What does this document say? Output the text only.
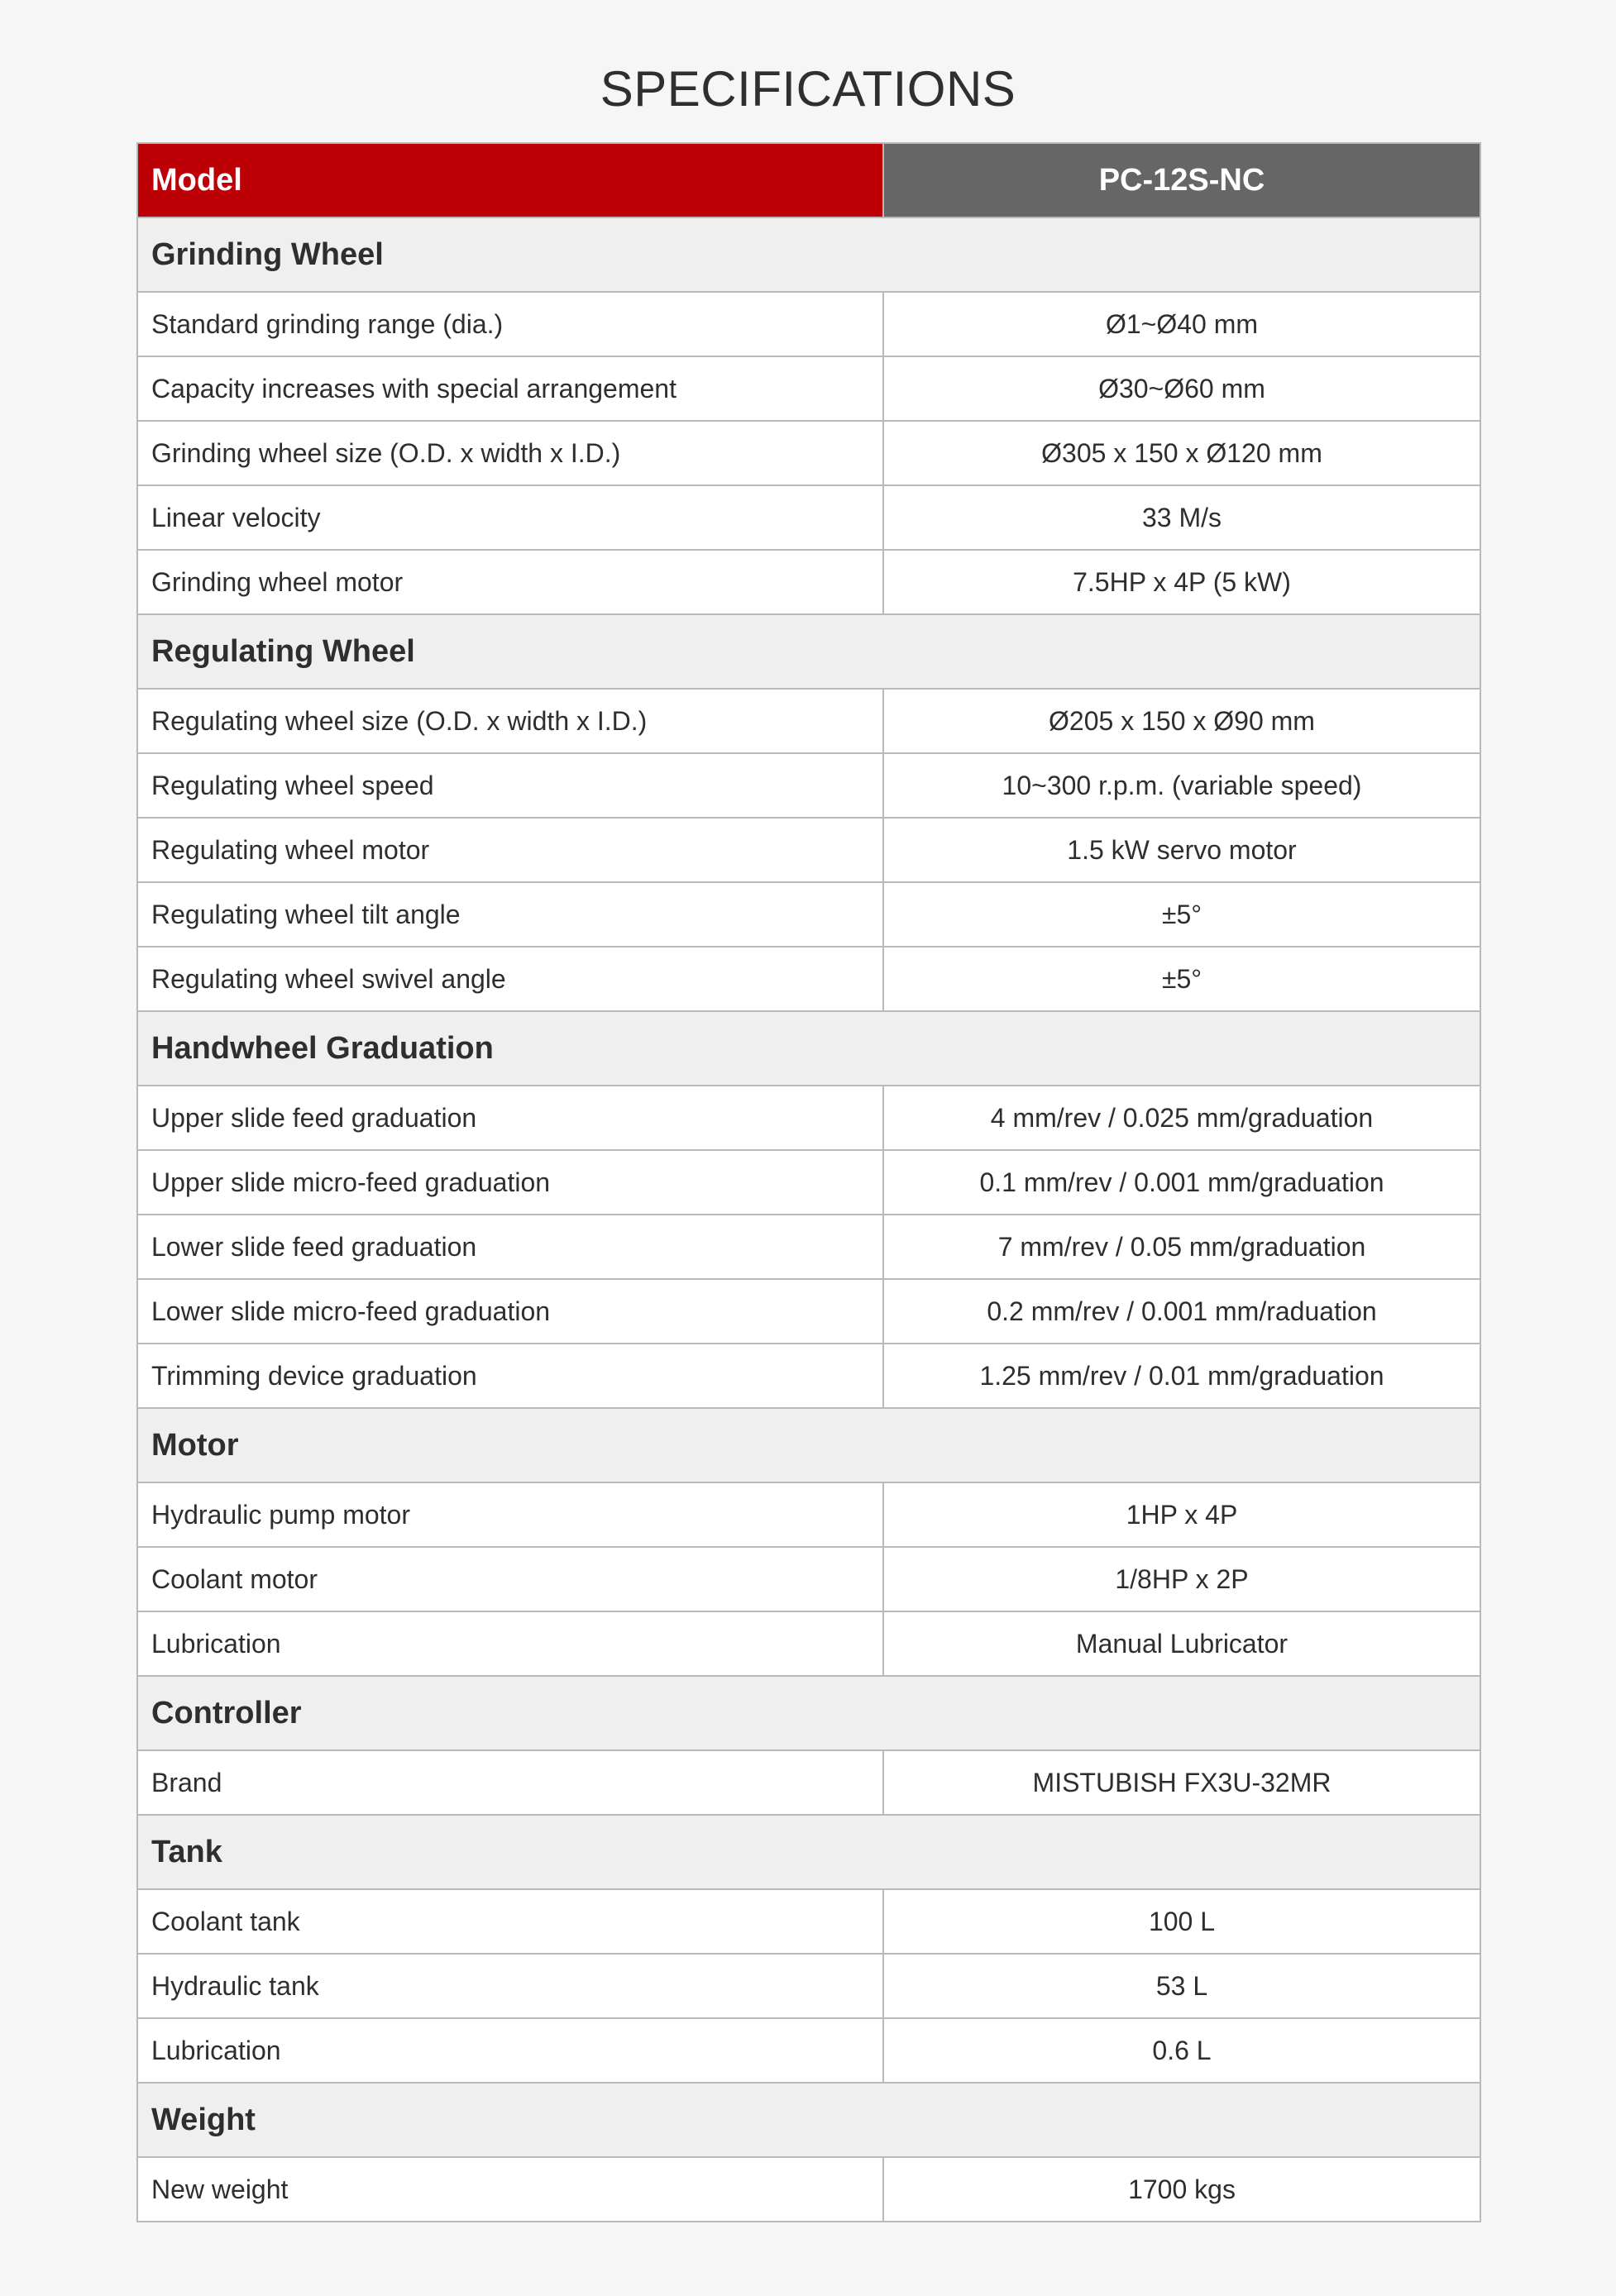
SPECIFICATIONS
Model	PC-12S-NC
Grinding Wheel	
Standard grinding range (dia.)	Ø1~Ø40 mm
Capacity increases with special arrangement	Ø30~Ø60 mm
Grinding wheel size (O.D. x width x I.D.)	Ø305 x 150 x Ø120 mm
Linear velocity	33 M/s
Grinding wheel motor	7.5HP x 4P (5 kW)
Regulating Wheel	
Regulating wheel size (O.D. x width x I.D.)	Ø205 x 150 x Ø90 mm
Regulating wheel speed	10~300 r.p.m. (variable speed)
Regulating wheel motor	1.5 kW servo motor
Regulating wheel tilt angle	±5°
Regulating wheel swivel angle	±5°
Handwheel Graduation	
Upper slide feed graduation	4 mm/rev / 0.025 mm/graduation
Upper slide micro-feed graduation	0.1 mm/rev / 0.001 mm/graduation
Lower slide feed graduation	7 mm/rev / 0.05 mm/graduation
Lower slide micro-feed graduation	0.2 mm/rev / 0.001 mm/raduation
Trimming device graduation	1.25 mm/rev / 0.01 mm/graduation
Motor	
Hydraulic pump motor	1HP x 4P
Coolant motor	1/8HP x 2P
Lubrication	Manual Lubricator
Controller	
Brand	MISTUBISH FX3U-32MR
Tank	
Coolant tank	100 L
Hydraulic tank	53 L
Lubrication	0.6 L
Weight	
New weight	1700 kgs
